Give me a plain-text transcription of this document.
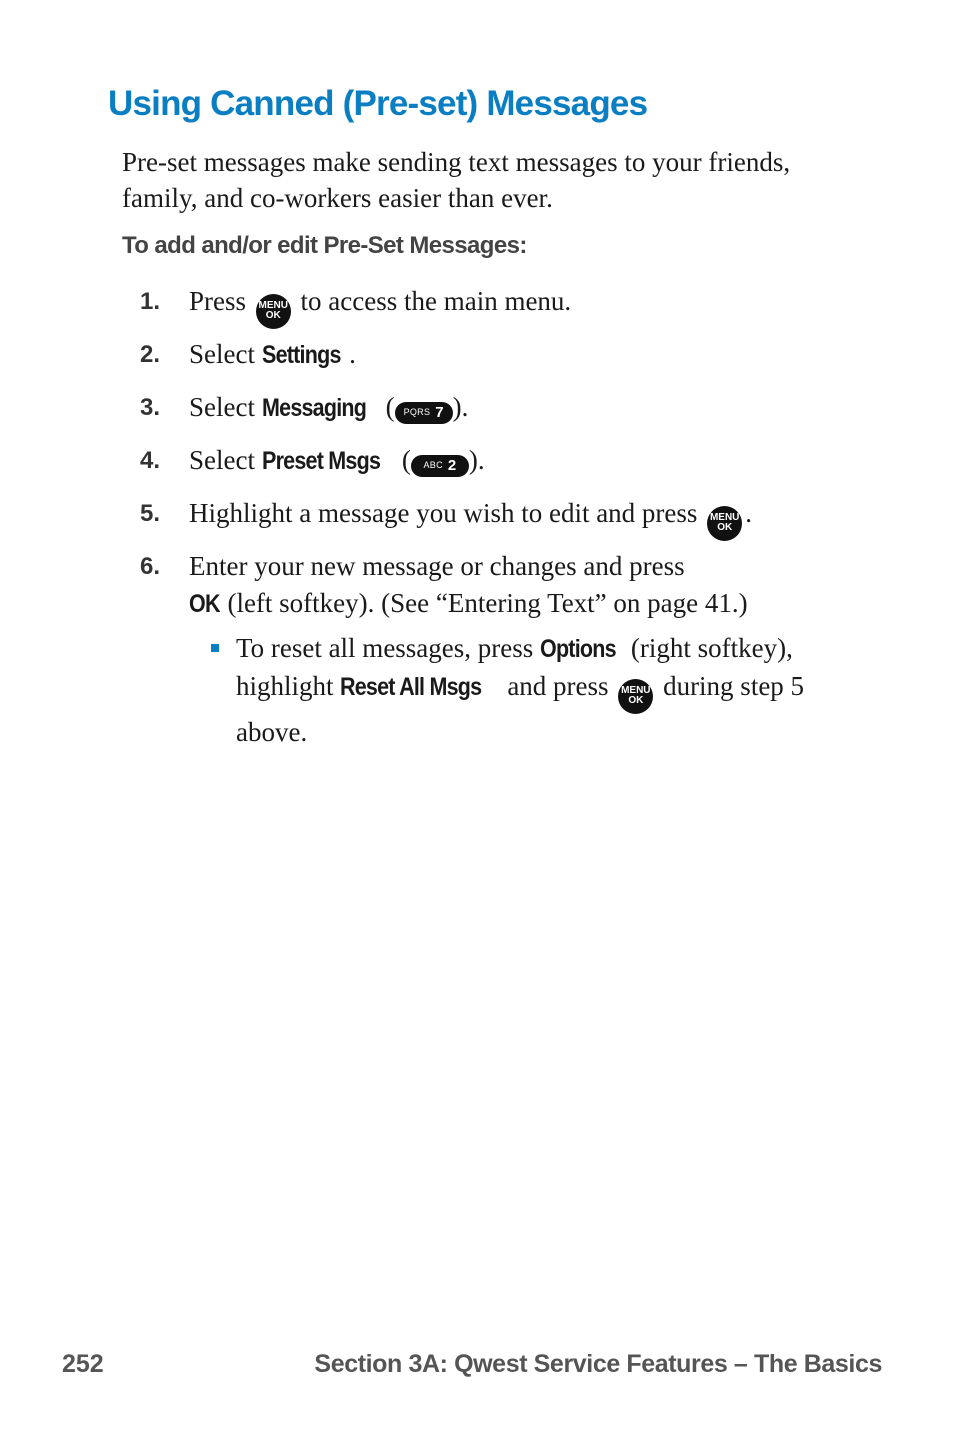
Using Canned (Pre-set) Messages

Pre-set messages make sending text messages to your friends, family, and co-workers easier than ever.

To add and/or edit Pre-Set Messages:

1. Press MENU
OK to access the main menu.
2. Select Settings .
3. Select Messaging ( PQRS 7 ).
4. Select Preset Msgs ( ABC 2 ).
5. Highlight a message you wish to edit and press MENU
OK .
6. Enter your new message or changes and press
OK (left softkey). (See “Entering Text” on page 41.)
To reset all messages, press Options (right softkey), highlight Reset All Msgs and press MENU
OK during step 5 above.
252	Section 3A: Qwest Service Features – The Basics
